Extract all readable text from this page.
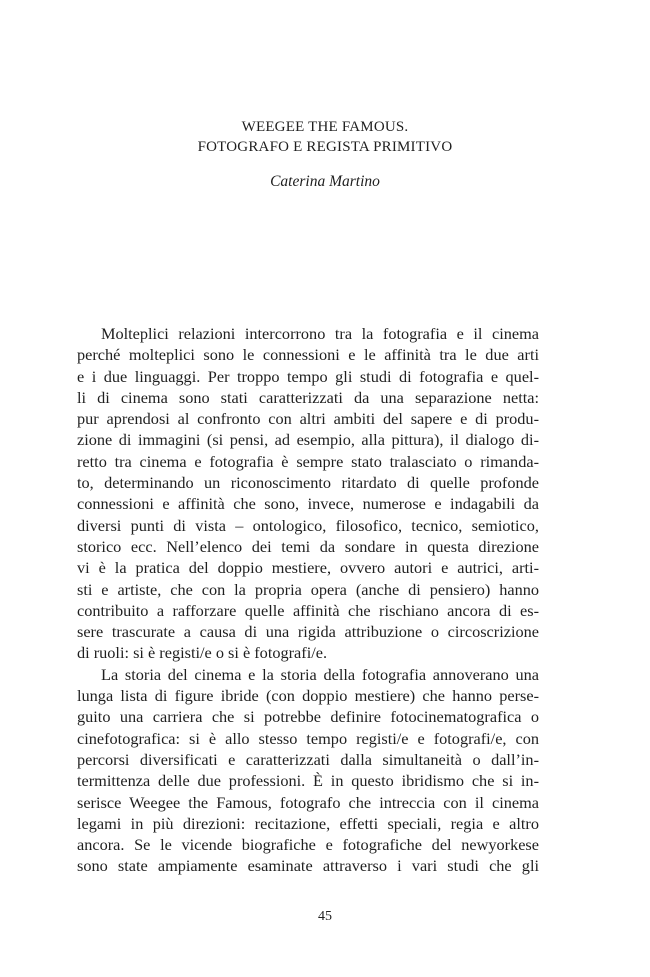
WEEGEE THE FAMOUS.
FOTOGRAFO E REGISTA PRIMITIVO
Caterina Martino
Molteplici relazioni intercorrono tra la fotografia e il cinema
perché molteplici sono le connessioni e le affinità tra le due arti
e i due linguaggi. Per troppo tempo gli studi di fotografia e quel-
li di cinema sono stati caratterizzati da una separazione netta:
pur aprendosi al confronto con altri ambiti del sapere e di produ-
zione di immagini (si pensi, ad esempio, alla pittura), il dialogo di-
retto tra cinema e fotografia è sempre stato tralasciato o rimanda-
to, determinando un riconoscimento ritardato di quelle profonde
connessioni e affinità che sono, invece, numerose e indagabili da
diversi punti di vista – ontologico, filosofico, tecnico, semiotico,
storico ecc. Nell’elenco dei temi da sondare in questa direzione
vi è la pratica del doppio mestiere, ovvero autori e autrici, arti-
sti e artiste, che con la propria opera (anche di pensiero) hanno
contribuito a rafforzare quelle affinità che rischiano ancora di es-
sere trascurate a causa di una rigida attribuzione o circoscrizione
di ruoli: si è registi/e o si è fotografi/e.
La storia del cinema e la storia della fotografia annoverano una
lunga lista di figure ibride (con doppio mestiere) che hanno perse-
guito una carriera che si potrebbe definire fotocinematografica o
cinefotografica: si è allo stesso tempo registi/e e fotografi/e, con
percorsi diversificati e caratterizzati dalla simultaneità o dall’in-
termittenza delle due professioni. È in questo ibridismo che si in-
serisce Weegee the Famous, fotografo che intreccia con il cinema
legami in più direzioni: recitazione, effetti speciali, regia e altro
ancora. Se le vicende biografiche e fotografiche del newyorkese
sono state ampiamente esaminate attraverso i vari studi che gli
45
